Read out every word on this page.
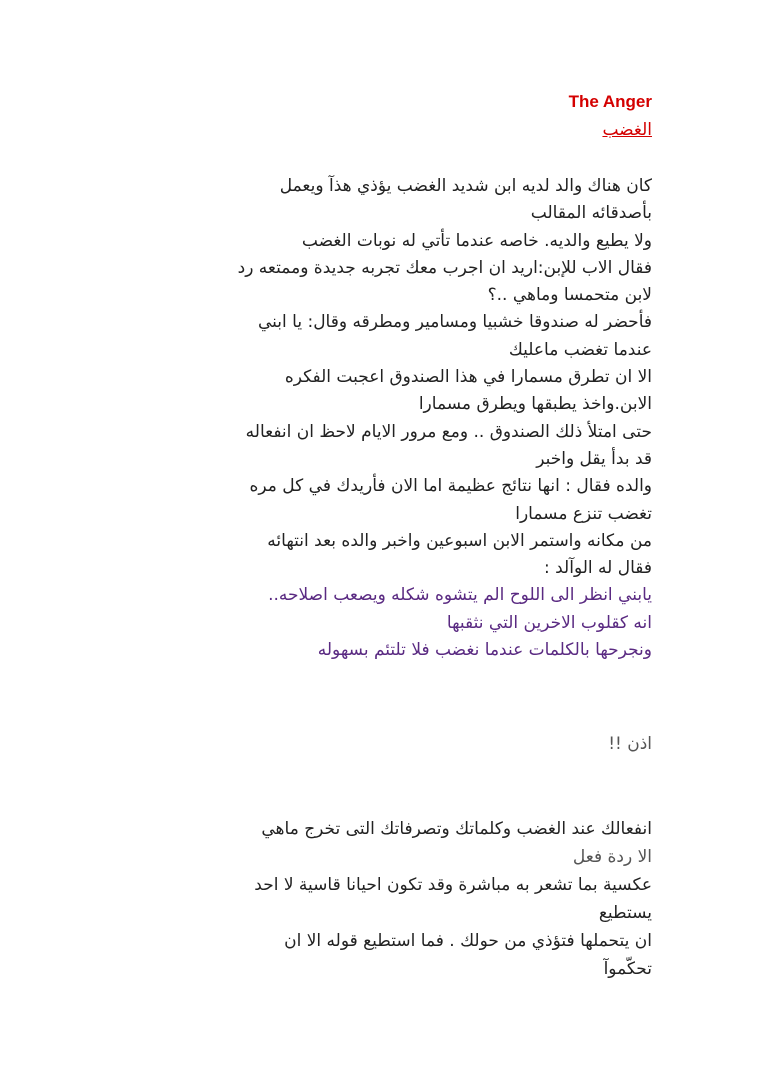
The Anger
الغضب
كان هناك والد لديه ابن شديد الغضب يؤذي هذآ ويعمل
بأصدقائه المقالب
ولا يطيع والديه. خاصه عندما تأتي له نوبات الغضب
فقال الاب للإبن:اريد ان اجرب معك تجربه جديدة وممتعه رد
لابن متحمسا وماهي ..؟
فأحضر له صندوقا خشبيا ومسامير ومطرقه وقال: يا ابني
عندما تغضب ماعليك
الا ان تطرق مسمارا في هذا الصندوق اعجبت الفكره
الابن.واخذ يطبقها ويطرق مسمارا
حتى امتلأ ذلك الصندوق .. ومع مرور الايام لاحظ ان انفعاله
قد بدأ يقل واخبر
والده فقال : انها نتائج عظيمة اما الان فأريدك في كل مره
تغضب تنزع مسمارا
من مكانه واستمر الابن اسبوعين واخبر والده بعد انتهائه
فقال له الوآلد :
يابني انظر الى اللوح الم يتشوه شكله ويصعب اصلاحه..
انه كقلوب الاخرين التي نثقبها
ونجرحها بالكلمات عندما نغضب فلا تلتئم بسهوله
اذن !!
انفعالك عند الغضب وكلماتك وتصرفاتك التى تخرج ماهي
الا ردة فعل
عكسية بما تشعر به مباشرة وقد تكون احيانا قاسية لا احد
يستطيع
ان يتحملها فتؤذي من حولك . فما استطيع قوله الا ان
تحكّموآ
